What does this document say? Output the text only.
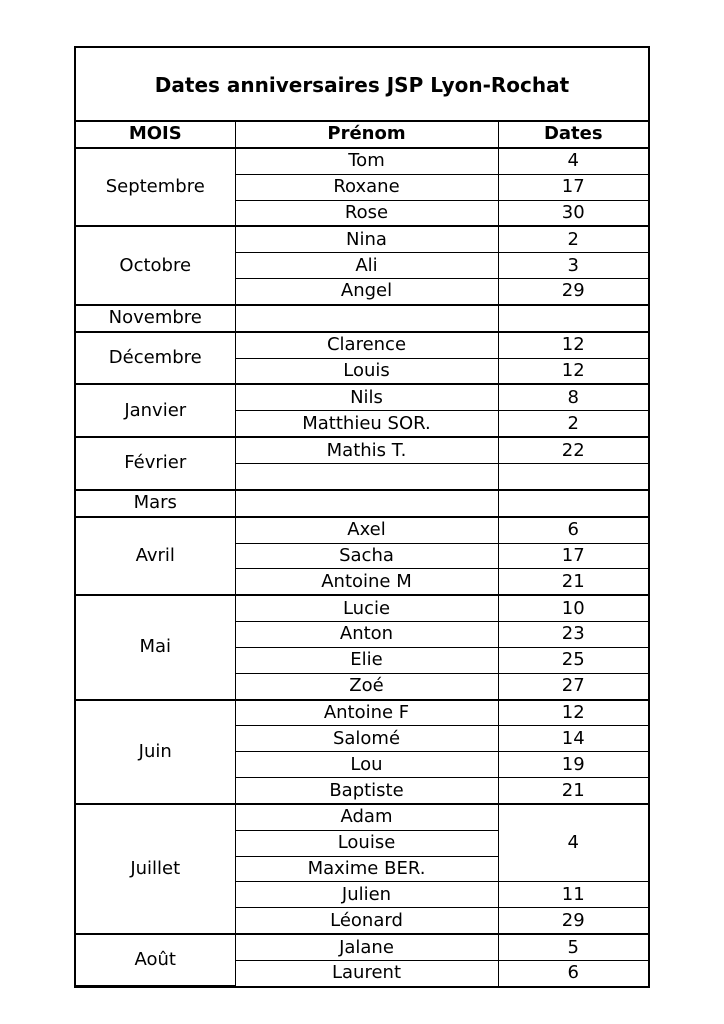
Dates anniversaires JSP Lyon-Rochat
MOIS	Prénom	Dates
Septembre	Tom	4
	Roxane	17
	Rose	30
Octobre	Nina	2
	Ali	3
	Angel	29
Novembre		
Décembre	Clarence	12
	Louis	12
Janvier	Nils	8
	Matthieu SOR.	2
Février	Mathis T.	22

Mars		
Avril	Axel	6
	Sacha	17
	Antoine M	21
Mai	Lucie	10
	Anton	23
	Elie	25
	Zoé	27
Juin	Antoine F	12
	Salomé	14
	Lou	19
	Baptiste	21
Juillet	Adam	4
	Louise	
	Maxime BER.	
	Julien	11
	Léonard	29
Août	Jalane	5
	Laurent	6
